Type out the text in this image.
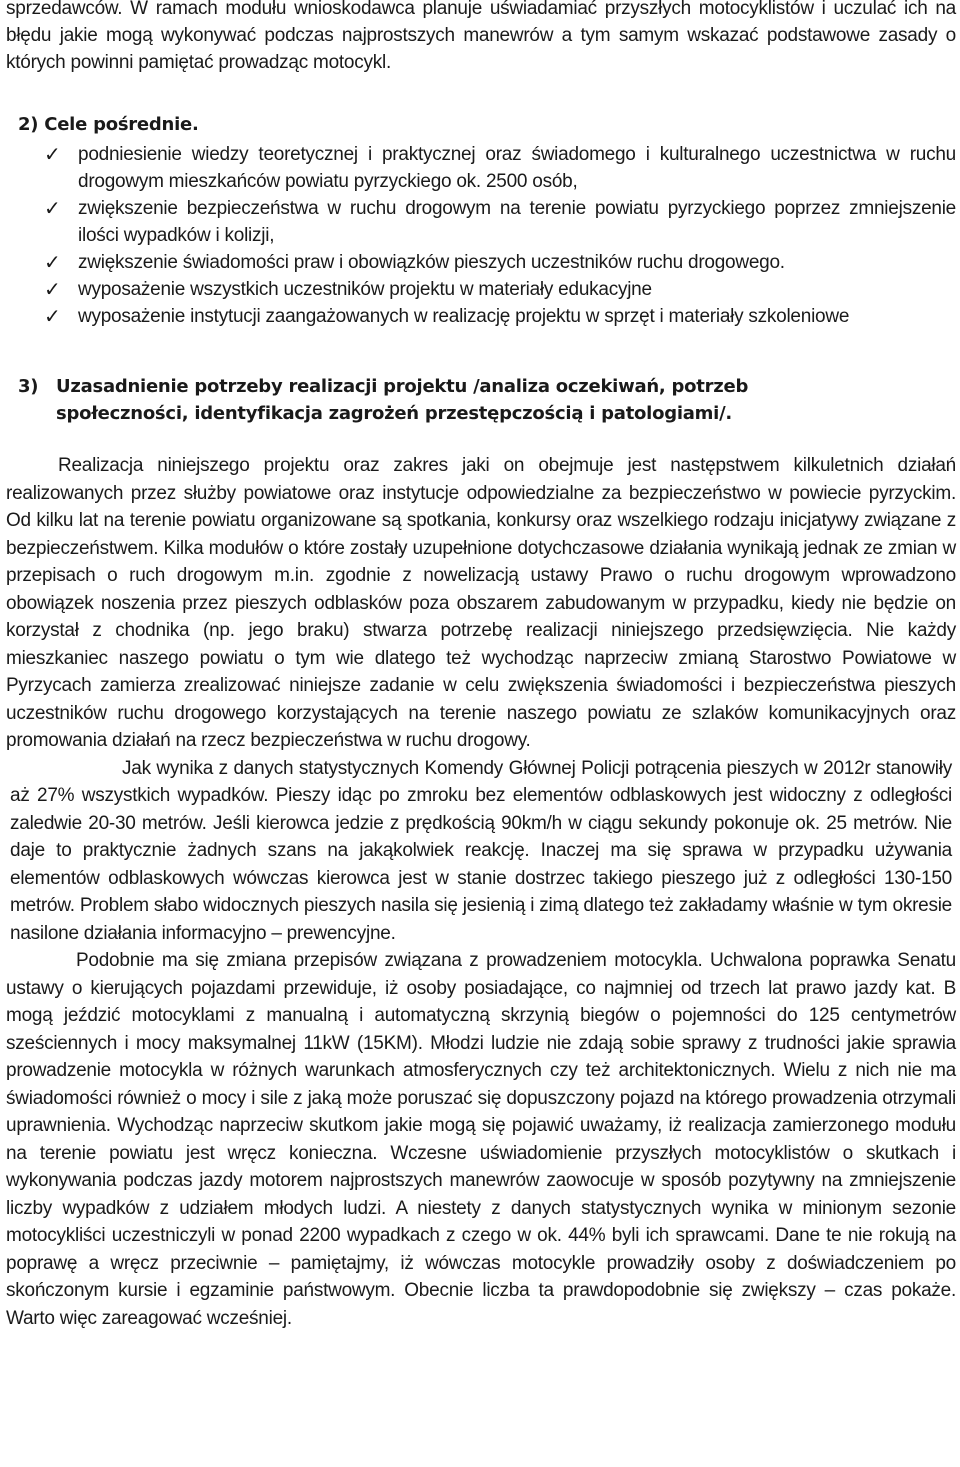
sprzedawców. W ramach modułu wnioskodawca planuje uświadamiać przyszłych motocyklistów i uczulać ich na błędu jakie mogą wykonywać podczas najprostszych manewrów a tym samym wskazać podstawowe zasady o których powinni pamiętać prowadząc motocykl.

2) Cele pośrednie.
✓ podniesienie wiedzy teoretycznej i praktycznej oraz świadomego i kulturalnego uczestnictwa w ruchu drogowym mieszkańców powiatu pyrzyckiego ok. 2500 osób,
✓ zwiększenie bezpieczeństwa w ruchu drogowym na terenie powiatu pyrzyckiego poprzez zmniejszenie ilości wypadków i kolizji,
✓ zwiększenie świadomości praw i obowiązków pieszych uczestników ruchu drogowego.
✓ wyposażenie wszystkich uczestników projektu w materiały edukacyjne
✓ wyposażenie instytucji zaangażowanych w realizację projektu w sprzęt i materiały szkoleniowe
3) Uzasadnienie potrzeby realizacji projektu /analiza oczekiwań, potrzeb
społeczności, identyfikacja zagrożeń przestępczością i patologiami/.

Realizacja niniejszego projektu oraz zakres jaki on obejmuje jest następstwem kilkuletnich działań realizowanych przez służby powiatowe oraz instytucje odpowiedzialne za bezpieczeństwo w powiecie pyrzyckim. Od kilku lat na terenie powiatu organizowane są spotkania, konkursy oraz wszelkiego rodzaju inicjatywy związane z bezpieczeństwem. Kilka modułów o które zostały uzupełnione dotychczasowe działania wynikają jednak ze zmian w przepisach o ruch drogowym m.in. zgodnie z nowelizacją ustawy Prawo o ruchu drogowym wprowadzono obowiązek noszenia przez pieszych odblasków poza obszarem zabudowanym w przypadku, kiedy nie będzie on korzystał z chodnika (np. jego braku) stwarza potrzebę realizacji niniejszego przedsięwzięcia. Nie każdy mieszkaniec naszego powiatu o tym wie dlatego też wychodząc naprzeciw zmianą Starostwo Powiatowe w Pyrzycach zamierza zrealizować niniejsze zadanie w celu zwiększenia świadomości i bezpieczeństwa pieszych uczestników ruchu drogowego korzystających na terenie naszego powiatu ze szlaków komunikacyjnych oraz promowania działań na rzecz bezpieczeństwa w ruchu drogowy.

Jak wynika z danych statystycznych Komendy Głównej Policji potrącenia pieszych w 2012r stanowiły aż 27% wszystkich wypadków. Pieszy idąc po zmroku bez elementów odblaskowych jest widoczny z odległości zaledwie 20-30 metrów. Jeśli kierowca jedzie z prędkością 90km/h w ciągu sekundy pokonuje ok. 25 metrów. Nie daje to praktycznie żadnych szans na jakąkolwiek reakcję. Inaczej ma się sprawa w przypadku używania elementów odblaskowych wówczas kierowca jest w stanie dostrzec takiego pieszego już z odległości 130-150 metrów. Problem słabo widocznych pieszych nasila się jesienią i zimą dlatego też zakładamy właśnie w tym okresie nasilone działania informacyjno – prewencyjne.

Podobnie ma się zmiana przepisów związana z prowadzeniem motocykla. Uchwalona poprawka Senatu ustawy o kierujących pojazdami przewiduje, iż osoby posiadające, co najmniej od trzech lat prawo jazdy kat. B mogą jeździć motocyklami z manualną i automatyczną skrzynią biegów o pojemności do 125 centymetrów sześciennych i mocy maksymalnej 11kW (15KM). Młodzi ludzie nie zdają sobie sprawy z trudności jakie sprawia prowadzenie motocykla w różnych warunkach atmosferycznych czy też architektonicznych. Wielu z nich nie ma świadomości również o mocy i sile z jaką może poruszać się dopuszczony pojazd na którego prowadzenia otrzymali uprawnienia. Wychodząc naprzeciw skutkom jakie mogą się pojawić uważamy, iż realizacja zamierzonego modułu na terenie powiatu jest wręcz konieczna. Wczesne uświadomienie przyszłych motocyklistów o skutkach i wykonywania podczas jazdy motorem najprostszych manewrów zaowocuje w sposób pozytywny na zmniejszenie liczby wypadków z udziałem młodych ludzi. A niestety z danych statystycznych wynika w minionym sezonie motocykliści uczestniczyli w ponad 2200 wypadkach z czego w ok. 44% byli ich sprawcami. Dane te nie rokują na poprawę a wręcz przeciwnie – pamiętajmy, iż wówczas motocykle prowadziły osoby z doświadczeniem po skończonym kursie i egzaminie państwowym. Obecnie liczba ta prawdopodobnie się zwiększy – czas pokaże. Warto więc zareagować wcześniej.
